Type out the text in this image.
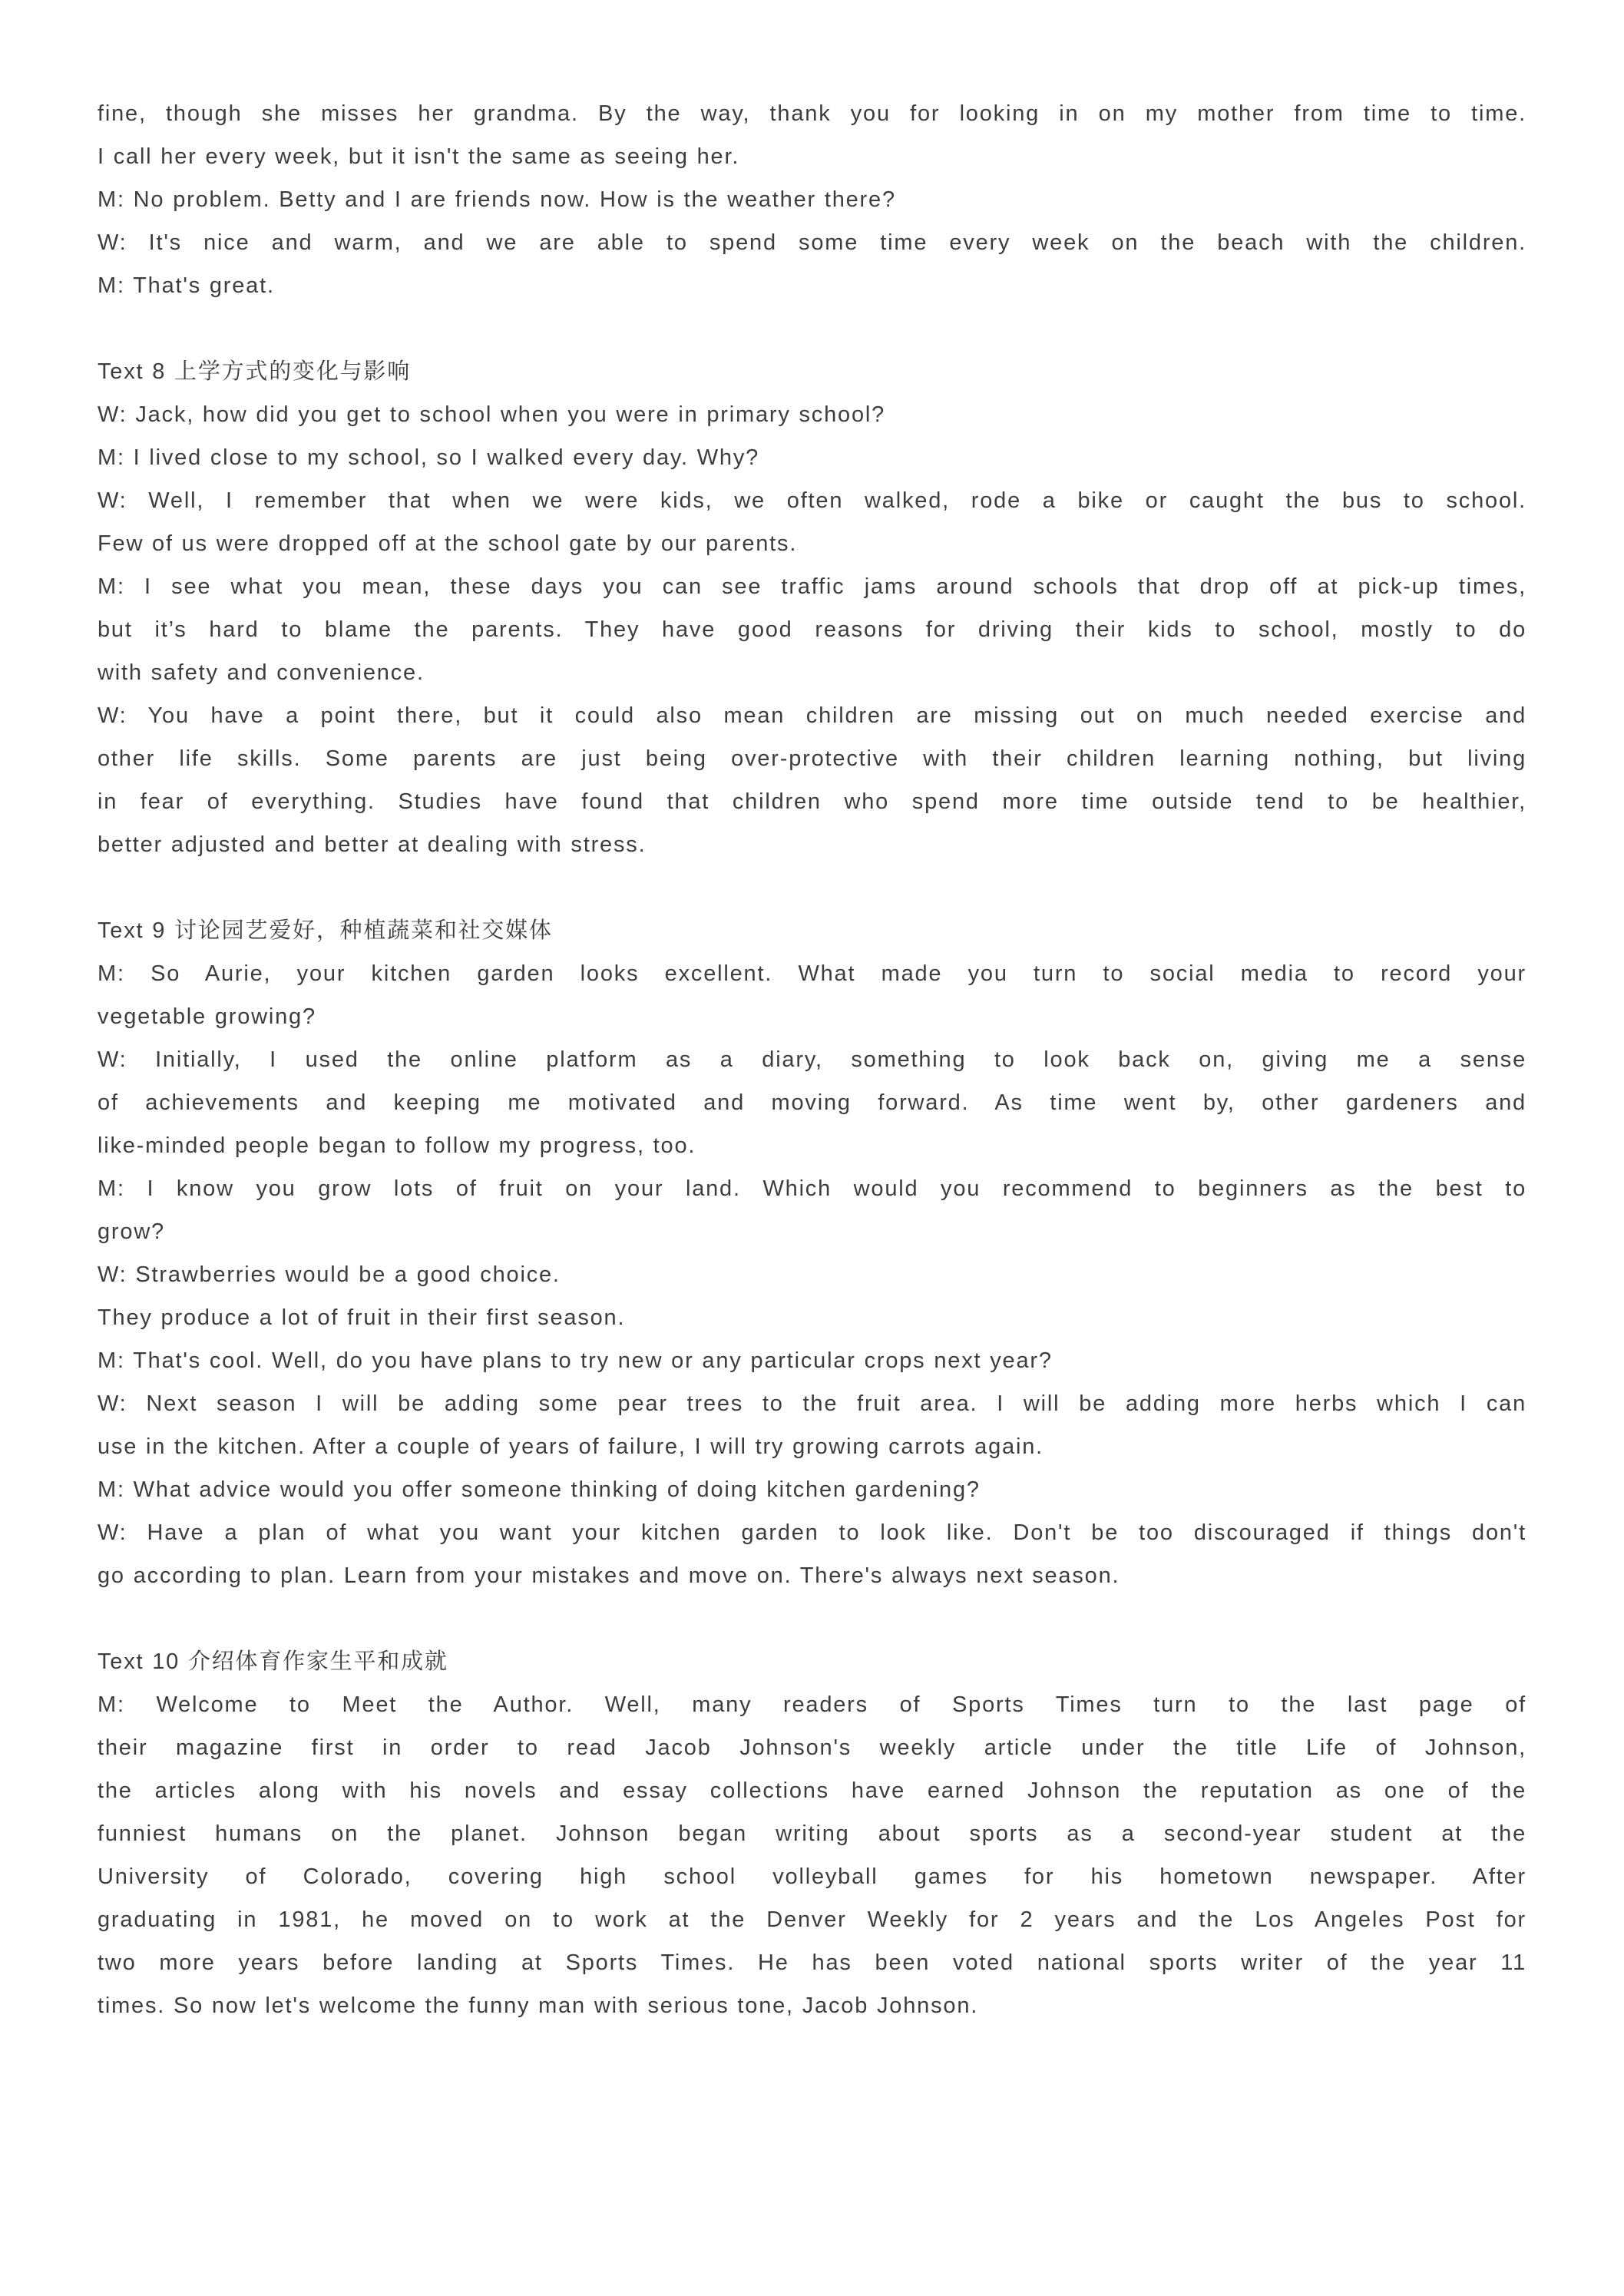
fine, though she misses her grandma. By the way, thank you for looking in on my mother from time to time.
I call her every week, but it isn't the same as seeing her.
M: No problem. Betty and I are friends now. How is the weather there?
W: It's nice and warm, and we are able to spend some time every week on the beach with the children.
M: That's great.
Text 8 上学方式的变化与影响
W: Jack, how did you get to school when you were in primary school?
M: I lived close to my school, so I walked every day. Why?
W: Well, I remember that when we were kids, we often walked, rode a bike or caught the bus to school.
Few of us were dropped off at the school gate by our parents.
M: I see what you mean, these days you can see traffic jams around schools that drop off at pick-up times,
but it’s hard to blame the parents. They have good reasons for driving their kids to school, mostly to do
with safety and convenience.
W: You have a point there, but it could also mean children are missing out on much needed exercise and
other life skills. Some parents are just being over-protective with their children learning nothing, but living
in fear of everything. Studies have found that children who spend more time outside tend to be healthier,
better adjusted and better at dealing with stress.
Text 9 讨论园艺爱好，种植蔬菜和社交媒体
M: So Aurie, your kitchen garden looks excellent. What made you turn to social media to record your
vegetable growing?
W: Initially, I used the online platform as a diary, something to look back on, giving me a sense
of achievements and keeping me motivated and moving forward. As time went by, other gardeners and
like-minded people began to follow my progress, too.
M: I know you grow lots of fruit on your land. Which would you recommend to beginners as the best to
grow?
W: Strawberries would be a good choice.
They produce a lot of fruit in their first season.
M: That's cool. Well, do you have plans to try new or any particular crops next year?
W: Next season I will be adding some pear trees to the fruit area. I will be adding more herbs which I can
use in the kitchen. After a couple of years of failure, I will try growing carrots again.
M: What advice would you offer someone thinking of doing kitchen gardening?
W: Have a plan of what you want your kitchen garden to look like. Don't be too discouraged if things don't
go according to plan. Learn from your mistakes and move on. There's always next season.
Text 10 介绍体育作家生平和成就
M: Welcome to Meet the Author. Well, many readers of Sports Times turn to the last page of
their magazine first in order to read Jacob Johnson's weekly article under the title Life of Johnson,
the articles along with his novels and essay collections have earned Johnson the reputation as one of the
funniest humans on the planet. Johnson began writing about sports as a second-year student at the
University of Colorado, covering high school volleyball games for his hometown newspaper. After
graduating in 1981, he moved on to work at the Denver Weekly for 2 years and the Los Angeles Post for
two more years before landing at Sports Times. He has been voted national sports writer of the year 11
times. So now let's welcome the funny man with serious tone, Jacob Johnson.
